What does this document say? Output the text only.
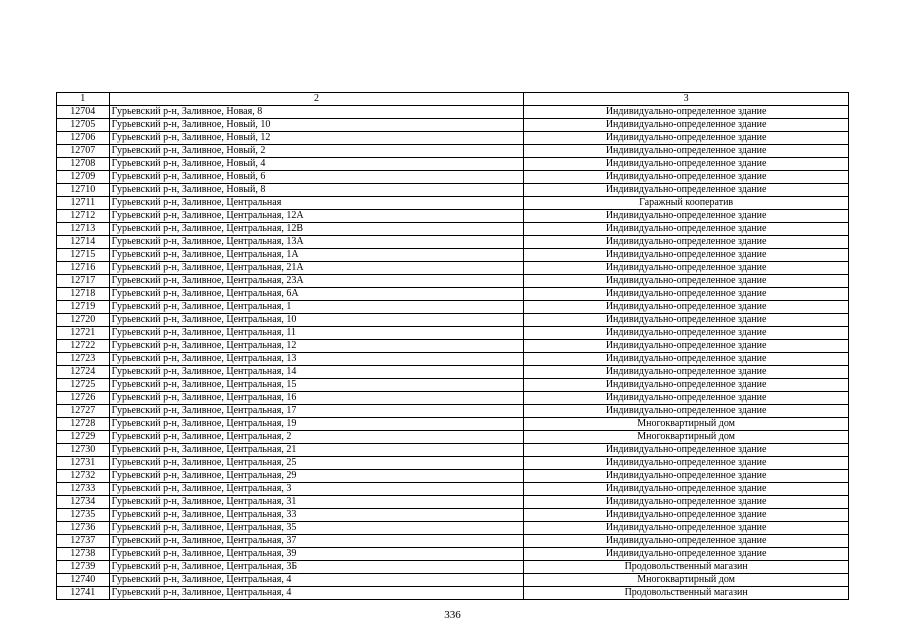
1	2	3
12704	Гурьевский р-н, Заливное, Новая, 8	Индивидуально-определенное здание
12705	Гурьевский р-н, Заливное, Новый, 10	Индивидуально-определенное здание
12706	Гурьевский р-н, Заливное, Новый, 12	Индивидуально-определенное здание
12707	Гурьевский р-н, Заливное, Новый, 2	Индивидуально-определенное здание
12708	Гурьевский р-н, Заливное, Новый, 4	Индивидуально-определенное здание
12709	Гурьевский р-н, Заливное, Новый, 6	Индивидуально-определенное здание
12710	Гурьевский р-н, Заливное, Новый, 8	Индивидуально-определенное здание
12711	Гурьевский р-н, Заливное, Центральная	Гаражный кооператив
12712	Гурьевский р-н, Заливное, Центральная, 12А	Индивидуально-определенное здание
12713	Гурьевский р-н, Заливное, Центральная, 12В	Индивидуально-определенное здание
12714	Гурьевский р-н, Заливное, Центральная, 13А	Индивидуально-определенное здание
12715	Гурьевский р-н, Заливное, Центральная, 1А	Индивидуально-определенное здание
12716	Гурьевский р-н, Заливное, Центральная, 21А	Индивидуально-определенное здание
12717	Гурьевский р-н, Заливное, Центральная, 23А	Индивидуально-определенное здание
12718	Гурьевский р-н, Заливное, Центральная, 6А	Индивидуально-определенное здание
12719	Гурьевский р-н, Заливное, Центральная, 1	Индивидуально-определенное здание
12720	Гурьевский р-н, Заливное, Центральная, 10	Индивидуально-определенное здание
12721	Гурьевский р-н, Заливное, Центральная, 11	Индивидуально-определенное здание
12722	Гурьевский р-н, Заливное, Центральная, 12	Индивидуально-определенное здание
12723	Гурьевский р-н, Заливное, Центральная, 13	Индивидуально-определенное здание
12724	Гурьевский р-н, Заливное, Центральная, 14	Индивидуально-определенное здание
12725	Гурьевский р-н, Заливное, Центральная, 15	Индивидуально-определенное здание
12726	Гурьевский р-н, Заливное, Центральная, 16	Индивидуально-определенное здание
12727	Гурьевский р-н, Заливное, Центральная, 17	Индивидуально-определенное здание
12728	Гурьевский р-н, Заливное, Центральная, 19	Многоквартирный дом
12729	Гурьевский р-н, Заливное, Центральная, 2	Многоквартирный дом
12730	Гурьевский р-н, Заливное, Центральная, 21	Индивидуально-определенное здание
12731	Гурьевский р-н, Заливное, Центральная, 25	Индивидуально-определенное здание
12732	Гурьевский р-н, Заливное, Центральная, 29	Индивидуально-определенное здание
12733	Гурьевский р-н, Заливное, Центральная, 3	Индивидуально-определенное здание
12734	Гурьевский р-н, Заливное, Центральная, 31	Индивидуально-определенное здание
12735	Гурьевский р-н, Заливное, Центральная, 33	Индивидуально-определенное здание
12736	Гурьевский р-н, Заливное, Центральная, 35	Индивидуально-определенное здание
12737	Гурьевский р-н, Заливное, Центральная, 37	Индивидуально-определенное здание
12738	Гурьевский р-н, Заливное, Центральная, 39	Индивидуально-определенное здание
12739	Гурьевский р-н, Заливное, Центральная, 3Б	Продовольственный магазин
12740	Гурьевский р-н, Заливное, Центральная, 4	Многоквартирный дом
12741	Гурьевский р-н, Заливное, Центральная, 4	Продовольственный магазин
336
